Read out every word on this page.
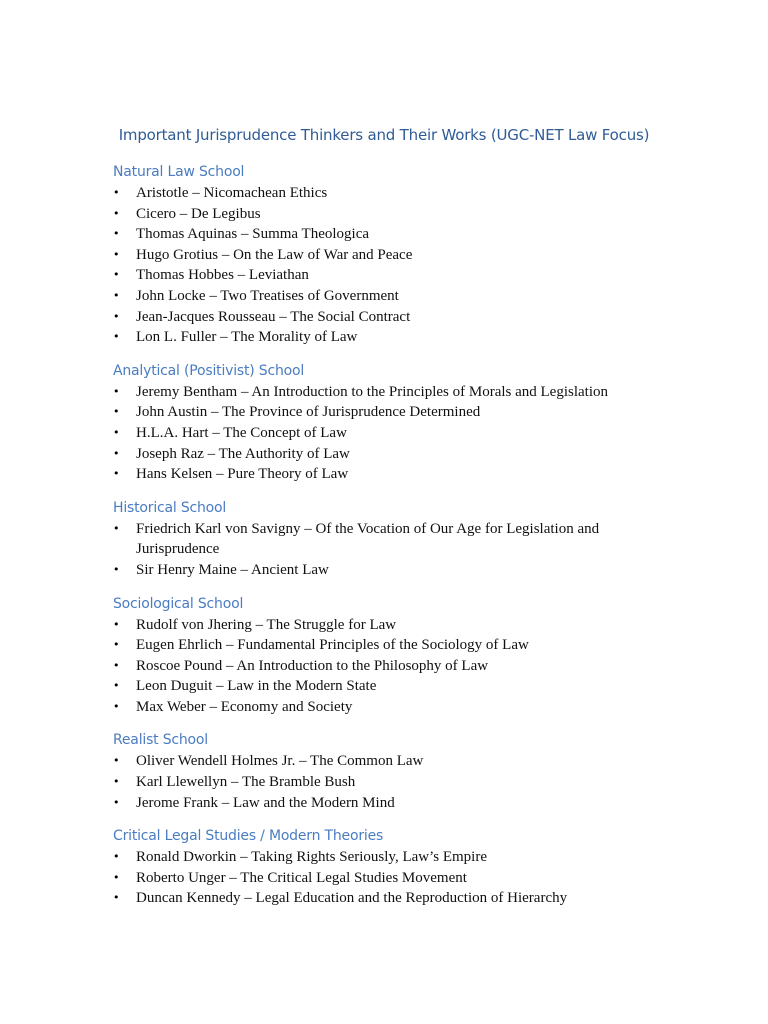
Important Jurisprudence Thinkers and Their Works (UGC-NET Law Focus)
Natural Law School
• Aristotle – Nicomachean Ethics
• Cicero – De Legibus
• Thomas Aquinas – Summa Theologica
• Hugo Grotius – On the Law of War and Peace
• Thomas Hobbes – Leviathan
• John Locke – Two Treatises of Government
• Jean-Jacques Rousseau – The Social Contract
• Lon L. Fuller – The Morality of Law
Analytical (Positivist) School
• Jeremy Bentham – An Introduction to the Principles of Morals and Legislation
• John Austin – The Province of Jurisprudence Determined
• H.L.A. Hart – The Concept of Law
• Joseph Raz – The Authority of Law
• Hans Kelsen – Pure Theory of Law
Historical School
• Friedrich Karl von Savigny – Of the Vocation of Our Age for Legislation and Jurisprudence
• Sir Henry Maine – Ancient Law
Sociological School
• Rudolf von Jhering – The Struggle for Law
• Eugen Ehrlich – Fundamental Principles of the Sociology of Law
• Roscoe Pound – An Introduction to the Philosophy of Law
• Leon Duguit – Law in the Modern State
• Max Weber – Economy and Society
Realist School
• Oliver Wendell Holmes Jr. – The Common Law
• Karl Llewellyn – The Bramble Bush
• Jerome Frank – Law and the Modern Mind
Critical Legal Studies / Modern Theories
• Ronald Dworkin – Taking Rights Seriously, Law’s Empire
• Roberto Unger – The Critical Legal Studies Movement
• Duncan Kennedy – Legal Education and the Reproduction of Hierarchy
